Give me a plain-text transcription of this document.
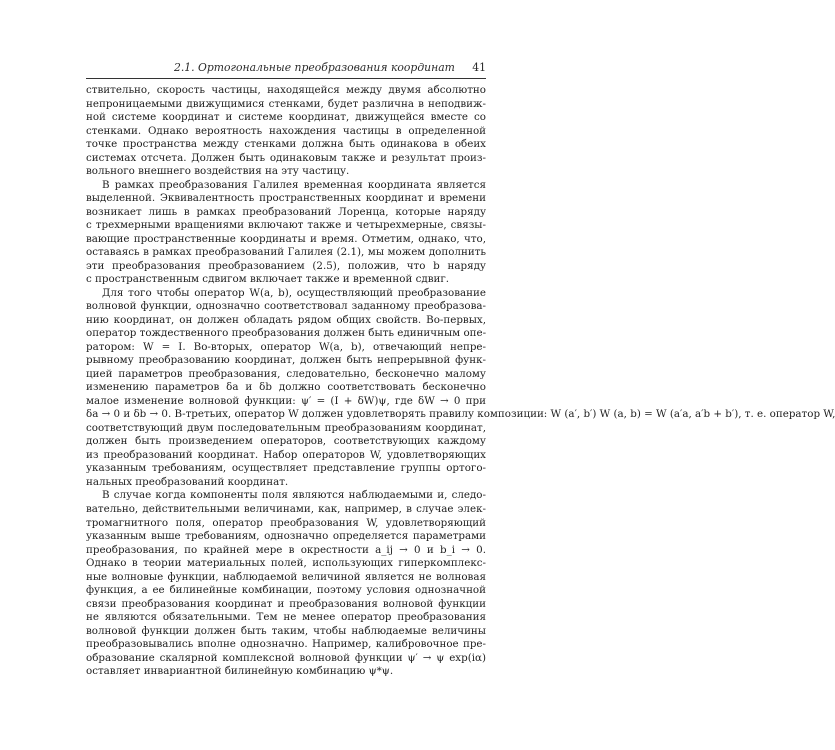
2.1. Ортогональные преобразования координат 41
ствительно, скорость частицы, находящейся между двумя абсолютно
непроницаемыми движущимися стенками, будет различна в неподвиж-
ной системе координат и системе координат, движущейся вместе со
стенками. Однако вероятность нахождения частицы в определенной
точке пространства между стенками должна быть одинакова в обеих
системах отсчета. Должен быть одинаковым также и результат произ-
вольного внешнего воздействия на эту частицу.
В рамках преобразования Галилея временная координата является
выделенной. Эквивалентность пространственных координат и времени
возникает лишь в рамках преобразований Лоренца, которые наряду
с трехмерными вращениями включают также и четырехмерные, связы-
вающие пространственные координаты и время. Отметим, однако, что,
оставаясь в рамках преобразований Галилея (2.1), мы можем дополнить
эти преобразования преобразованием (2.5), положив, что b наряду
с пространственным сдвигом включает также и временной сдвиг.
Для того чтобы оператор W(a, b), осуществляющий преобразование
волновой функции, однозначно соответствовал заданному преобразова-
нию координат, он должен обладать рядом общих свойств. Во-первых,
оператор тождественного преобразования должен быть единичным опе-
ратором: W = I. Во-вторых, оператор W(a, b), отвечающий непре-
рывному преобразованию координат, должен быть непрерывной функ-
цией параметров преобразования, следовательно, бесконечно малому
изменению параметров δa и δb должно соответствовать бесконечно
малое изменение волновой функции: ψ′ = (I + δW)ψ, где δW → 0 при
δa → 0 и δb → 0. В-третьих, оператор W должен удовлетворять правилу композиции: W (a′, b′) W (a, b) = W (a′a, a′b + b′), т. е. оператор W,
соответствующий двум последовательным преобразованиям координат,
должен быть произведением операторов, соответствующих каждому
из преобразований координат. Набор операторов W, удовлетворяющих
указанным требованиям, осуществляет представление группы ортого-
нальных преобразований координат.
В случае когда компоненты поля являются наблюдаемыми и, следо-
вательно, действительными величинами, как, например, в случае элек-
тромагнитного поля, оператор преобразования W, удовлетворяющий
указанным выше требованиям, однозначно определяется параметрами
преобразования, по крайней мере в окрестности a_ij → 0 и b_i → 0.
Однако в теории материальных полей, использующих гиперкомплекс-
ные волновые функции, наблюдаемой величиной является не волновая
функция, а ее билинейные комбинации, поэтому условия однозначной
связи преобразования координат и преобразования волновой функции
не являются обязательными. Тем не менее оператор преобразования
волновой функции должен быть таким, чтобы наблюдаемые величины
преобразовывались вполне однозначно. Например, калибровочное пре-
образование скалярной комплексной волновой функции ψ′ → ψ exp(iα)
оставляет инвариантной билинейную комбинацию ψ*ψ.
